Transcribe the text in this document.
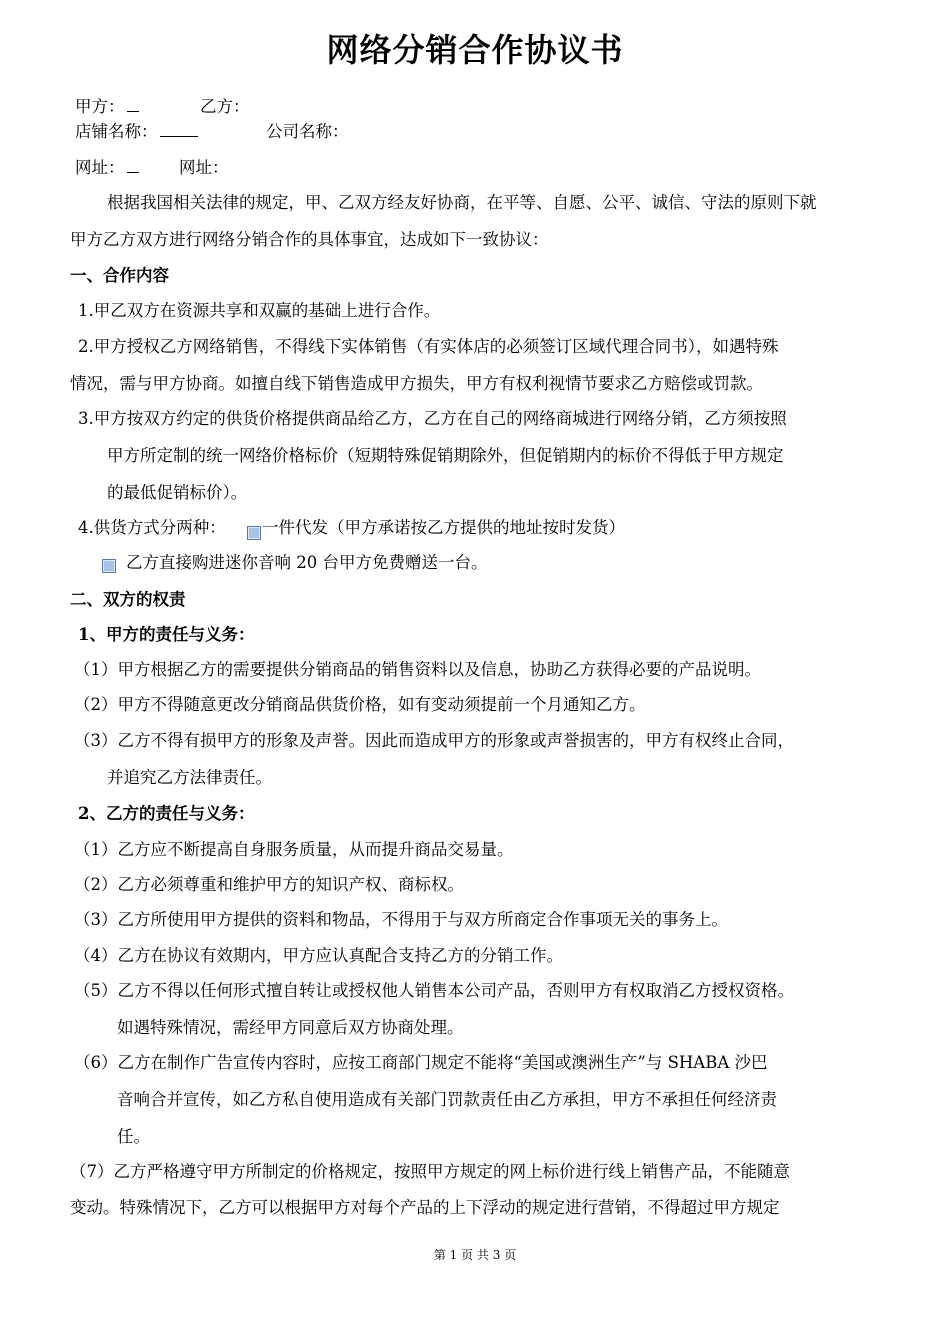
网络分销合作协议书
甲方：	乙方：
店铺名称：	公司名称：
网址：	网址：
根据我国相关法律的规定，甲、乙双方经友好协商，在平等、自愿、公平、诚信、守法的原则下就
甲方乙方双方进行网络分销合作的具体事宜，达成如下一致协议：
一、合作内容
1.甲乙双方在资源共享和双赢的基础上进行合作。
2.甲方授权乙方网络销售，不得线下实体销售（有实体店的必须签订区域代理合同书），如遇特殊
情况，需与甲方协商。如擅自线下销售造成甲方损失，甲方有权利视情节要求乙方赔偿或罚款。
3.甲方按双方约定的供货价格提供商品给乙方，乙方在自己的网络商城进行网络分销，乙方须按照
甲方所定制的统一网络价格标价（短期特殊促销期除外，但促销期内的标价不得低于甲方规定
的最低促销标价）。
4.供货方式分两种： 一件代发（甲方承诺按乙方提供的地址按时发货）
乙方直接购进迷你音响 20 台甲方免费赠送一台。
二、双方的权责
1、甲方的责任与义务：
（1）甲方根据乙方的需要提供分销商品的销售资料以及信息，协助乙方获得必要的产品说明。
（2）甲方不得随意更改分销商品供货价格，如有变动须提前一个月通知乙方。
（3）乙方不得有损甲方的形象及声誉。因此而造成甲方的形象或声誉损害的，甲方有权终止合同，
并追究乙方法律责任。
2、乙方的责任与义务：
（1）乙方应不断提高自身服务质量，从而提升商品交易量。
（2）乙方必须尊重和维护甲方的知识产权、商标权。
（3）乙方所使用甲方提供的资料和物品，不得用于与双方所商定合作事项无关的事务上。
（4）乙方在协议有效期内，甲方应认真配合支持乙方的分销工作。
（5）乙方不得以任何形式擅自转让或授权他人销售本公司产品，否则甲方有权取消乙方授权资格。
如遇特殊情况，需经甲方同意后双方协商处理。
（6）乙方在制作广告宣传内容时，应按工商部门规定不能将“美国或澳洲生产”与 SHABA 沙巴
音响合并宣传，如乙方私自使用造成有关部门罚款责任由乙方承担，甲方不承担任何经济责
任。
（7）乙方严格遵守甲方所制定的价格规定，按照甲方规定的网上标价进行线上销售产品，不能随意
变动。特殊情况下，乙方可以根据甲方对每个产品的上下浮动的规定进行营销，不得超过甲方规定
第 1 页 共 3 页
